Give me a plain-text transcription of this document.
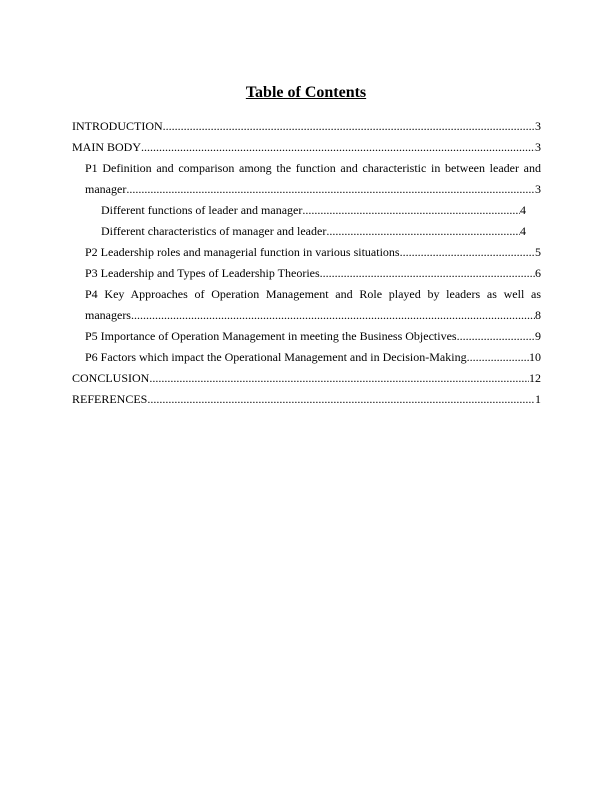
Table of Contents
INTRODUCTION .....	3
MAIN BODY .....	3
P1 Definition and comparison among the function and characteristic in between leader and
manager .....	3
Different functions of leader and manager .....	4
Different characteristics of manager and leader .....	4
P2 Leadership roles and managerial function in various situations .....	5
P3 Leadership and Types of Leadership Theories .....	6
P4 Key Approaches of Operation Management and Role played by leaders as well as
managers .....	8
P5 Importance of Operation Management in meeting the Business Objectives .....	9
P6 Factors which impact the Operational Management and in Decision-Making .....	10
CONCLUSION .....	12
REFERENCES .....	1
